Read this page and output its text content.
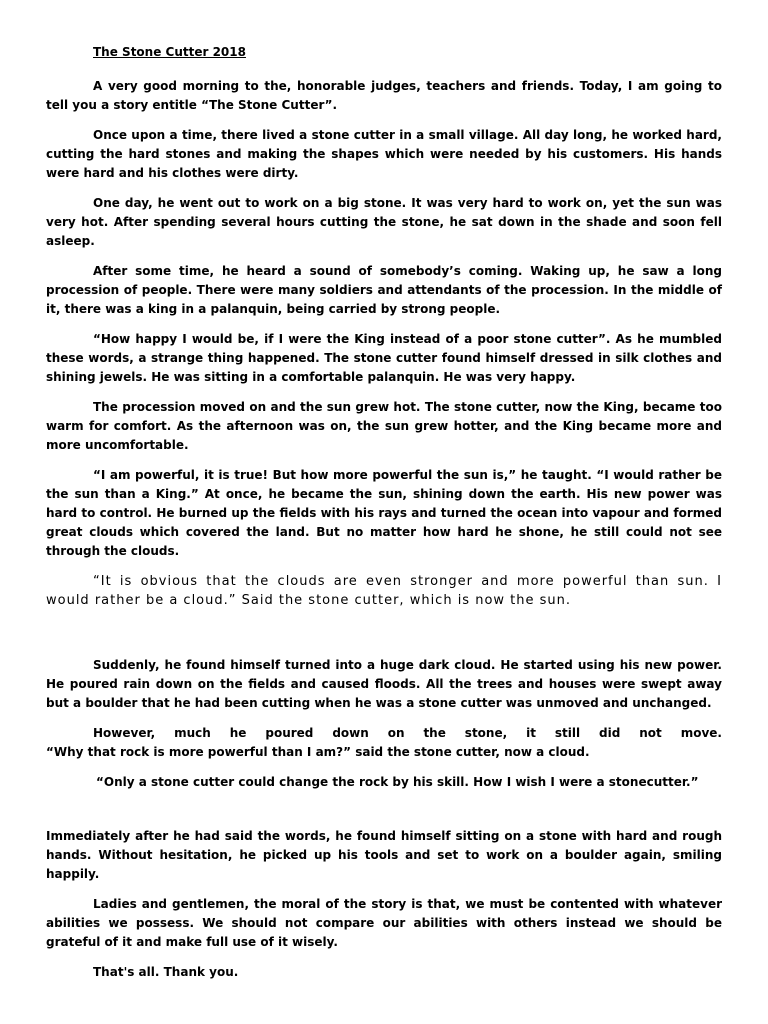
The Stone Cutter 2018

A very good morning to the, honorable judges, teachers and friends. Today, I am going to tell you a story entitle “The Stone Cutter”.

Once upon a time, there lived a stone cutter in a small village. All day long, he worked hard, cutting the hard stones and making the shapes which were needed by his customers. His hands were hard and his clothes were dirty.

One day, he went out to work on a big stone. It was very hard to work on, yet the sun was very hot. After spending several hours cutting the stone, he sat down in the shade and soon fell asleep.

After some time, he heard a sound of somebody’s coming. Waking up, he saw a long procession of people. There were many soldiers and attendants of the procession. In the middle of it, there was a king in a palanquin, being carried by strong people.

“How happy I would be, if I were the King instead of a poor stone cutter”. As he mumbled these words, a strange thing happened. The stone cutter found himself dressed in silk clothes and shining jewels. He was sitting in a comfortable palanquin. He was very happy.

The procession moved on and the sun grew hot. The stone cutter, now the King, became too warm for comfort. As the afternoon was on, the sun grew hotter, and the King became more and more uncomfortable.

“I am powerful, it is true! But how more powerful the sun is,” he taught. “I would rather be the sun than a King.” At once, he became the sun, shining down the earth. His new power was hard to control. He burned up the fields with his rays and turned the ocean into vapour and formed great clouds which covered the land. But no matter how hard he shone, he still could not see through the clouds.

“It is obvious that the clouds are even stronger and more powerful than sun. I would rather be a cloud.” Said the stone cutter, which is now the sun.

Suddenly, he found himself turned into a huge dark cloud. He started using his new power. He poured rain down on the fields and caused floods. All the trees and houses were swept away but a boulder that he had been cutting when he was a stone cutter was unmoved and unchanged.

However, much he poured down on the stone, it still did not move.
“Why that rock is more powerful than I am?” said the stone cutter, now a cloud.

“Only a stone cutter could change the rock by his skill. How I wish I were a stonecutter.”

Immediately after he had said the words, he found himself sitting on a stone with hard and rough hands. Without hesitation, he picked up his tools and set to work on a boulder again, smiling happily.

Ladies and gentlemen, the moral of the story is that, we must be contented with whatever abilities we possess. We should not compare our abilities with others instead we should be grateful of it and make full use of it wisely.

That's all. Thank you.
